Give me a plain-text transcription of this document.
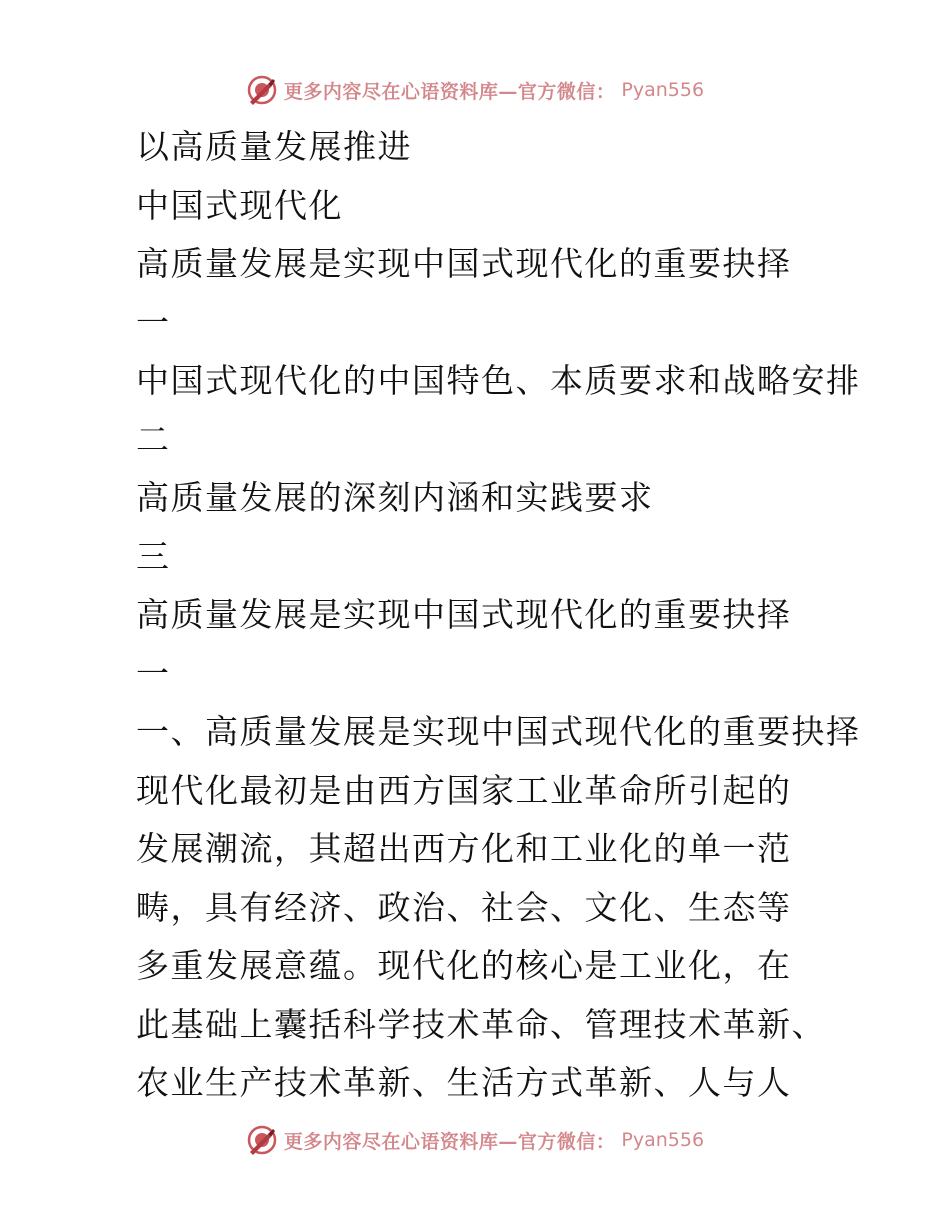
更多内容尽在心语资料库—官方微信： Pyan556
以高质量发展推进
中国式现代化
高质量发展是实现中国式现代化的重要抉择
一
中国式现代化的中国特色、本质要求和战略安排
二
高质量发展的深刻内涵和实践要求
三
高质量发展是实现中国式现代化的重要抉择
一
一、高质量发展是实现中国式现代化的重要抉择
现代化最初是由西方国家工业革命所引起的
发展潮流，其超出西方化和工业化的单一范
畴，具有经济、政治、社会、文化、生态等
多重发展意蕴。现代化的核心是工业化，在
此基础上囊括科学技术革命、管理技术革新、
农业生产技术革新、生活方式革新、人与人
更多内容尽在心语资料库—官方微信： Pyan556
